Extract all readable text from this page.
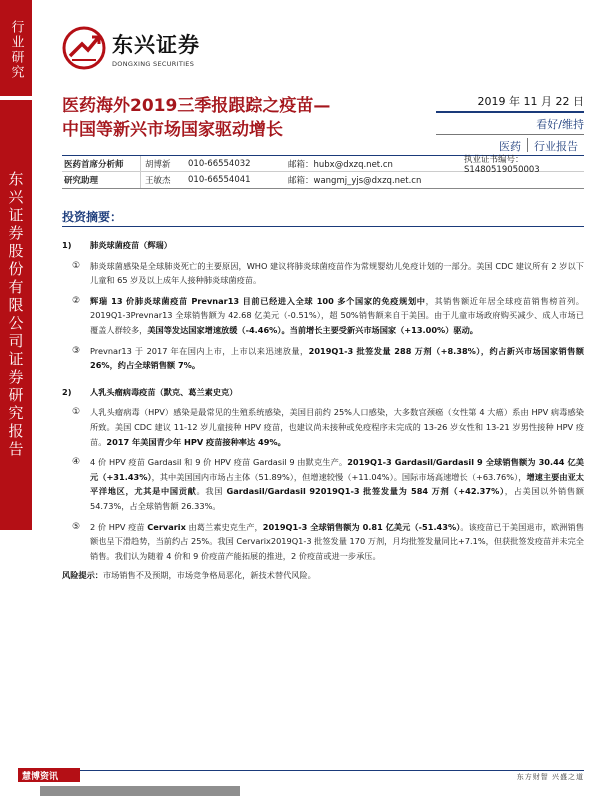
行业研究
东兴证券股份有限公司证券研究报告
东兴证券
DONGXING SECURITIES
医药海外2019三季报跟踪之疫苗—
中国等新兴市场国家驱动增长
2019 年 11 月 22 日
看好/维持
医药	行业报告
医药首席分析师	胡博新	010-66554032	邮箱：hubx@dxzq.net.cn	执业证书编号：S1480519050003
研究助理	王敏杰	010-66554041	邮箱：wangmj_yjs@dxzq.net.cn
投资摘要：
1)	肺炎球菌疫苗（辉瑞）
①	肺炎球菌感染是全球肺炎死亡的主要原因，WHO 建议将肺炎球菌疫苗作为常规婴幼儿免疫计划的一部分。美国 CDC 建议所有 2 岁以下儿童和 65 岁及以上成年人接种肺炎球菌疫苗。
②	辉瑞 13 价肺炎球菌疫苗 Prevnar13 目前已经进入全球 100 多个国家的免疫规划中，其销售额近年居全球疫苗销售榜首列。2019Q1-3Prevnar13 全球销售额为 42.68 亿美元（-0.51%），超 50%销售额来自于美国。由于儿童市场政府购买减少、成人市场已覆盖人群较多，美国等发达国家增速放缓（-4.46%）。当前增长主要受新兴市场国家（+13.00%）驱动。
③	Prevnar13 于 2017 年在国内上市，上市以来迅速放量，2019Q1-3 批签发量 288 万剂（+8.38%），约占新兴市场国家销售额 26%，约占全球销售额 7%。
2)	人乳头瘤病毒疫苗（默克、葛兰素史克）
①	人乳头瘤病毒（HPV）感染是最常见的生殖系统感染，美国目前约 25%人口感染，大多数宫颈癌（女性第 4 大癌）系由 HPV 病毒感染所致。美国 CDC 建议 11-12 岁儿童接种 HPV 疫苗，也建议尚未接种或免疫程序未完成的 13-26 岁女性和 13-21 岁男性接种 HPV 疫苗。2017 年美国青少年 HPV 疫苗接种率达 49%。
④	4 价 HPV 疫苗 Gardasil 和 9 价 HPV 疫苗 Gardasil 9 由默克生产。2019Q1-3 Gardasil/Gardasil 9 全球销售额为 30.44 亿美元（+31.43%），其中美国国内市场占主体（51.89%），但增速较慢（+11.04%）。国际市场高速增长（+63.76%），增速主要由亚太平洋地区，尤其是中国贡献。我国 Gardasil/Gardasil 92019Q1-3 批签发量为 584 万剂（+42.37%），占美国以外销售额 54.73%，占全球销售额 26.33%。
⑤	2 价 HPV 疫苗 Cervarix 由葛兰素史克生产，2019Q1-3 全球销售额为 0.81 亿美元（-51.43%）。该疫苗已于美国退市，欧洲销售额也呈下滑趋势，当前约占 25%。我国 Cervarix2019Q1-3 批签发量 170 万剂，月均批签发量同比+7.1%，但获批签发疫苗并未完全销售。我们认为随着 4 价和 9 价疫苗产能拓展的推进，2 价疫苗或进一步承压。
风险提示：市场销售不及预期，市场竞争格局恶化，新技术替代风险。
慧博资讯	东方财智 兴盛之道
